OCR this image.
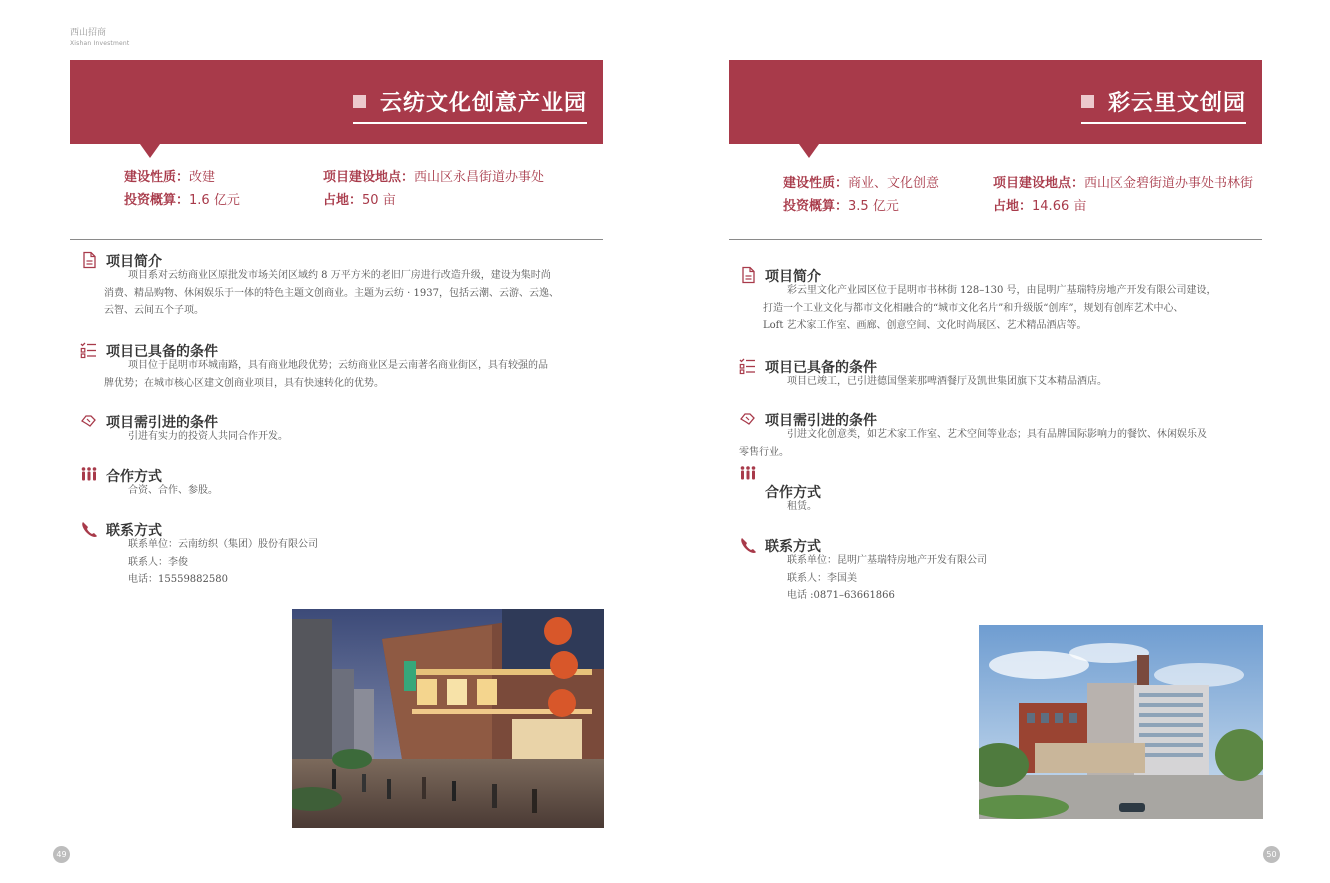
西山招商
Xishan Investment
云纺文化创意产业园
建设性质：改建
投资概算：1.6 亿元
项目建设地点：西山区永昌街道办事处
占地：50 亩
项目简介
项目系对云纺商业区原批发市场关闭区域约 8 万平方米的老旧厂房进行改造升级，建设为集时尚
消费、精品购物、休闲娱乐于一体的特色主题文创商业。主题为云纺 · 1937，包括云潮、云游、云逸、
云智、云间五个子项。
项目已具备的条件
项目位于昆明市环城南路，具有商业地段优势；云纺商业区是云南著名商业街区，具有较强的品
牌优势；在城市核心区建文创商业项目，具有快速转化的优势。
项目需引进的条件
引进有实力的投资人共同合作开发。
合作方式
合资、合作、参股。
联系方式
联系单位：云南纺织（集团）股份有限公司
联系人：李俊
电话：15559882580
49
彩云里文创园
建设性质：商业、文化创意
投资概算：3.5 亿元
项目建设地点：西山区金碧街道办事处书林街
占地：14.66 亩
项目简介
彩云里文化产业园区位于昆明市书林街 128–130 号，由昆明广基瑞特房地产开发有限公司建设，
打造一个工业文化与都市文化相融合的“城市文化名片”和升级版“创库”，规划有创库艺术中心、
Loft 艺术家工作室、画廊、创意空间、文化时尚展区、艺术精品酒店等。
项目已具备的条件
项目已竣工，已引进德国堡莱那啤酒餐厅及凯世集团旗下艾本精品酒店。
项目需引进的条件
引进文化创意类，如艺术家工作室、艺术空间等业态；具有品牌国际影响力的餐饮、休闲娱乐及
零售行业。
合作方式
租赁。
联系方式
联系单位：昆明广基瑞特房地产开发有限公司
联系人：李国美
电话 :0871–63661866
50
